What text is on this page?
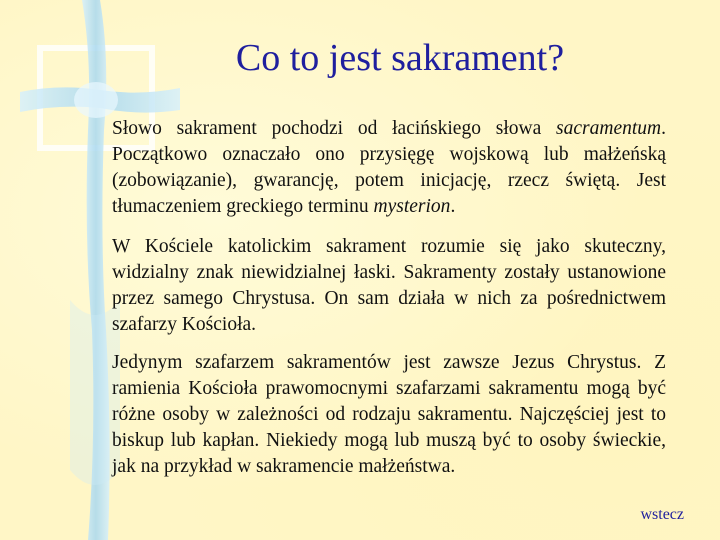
Co to jest sakrament?
Słowo sakrament pochodzi od łacińskiego słowa sacramentum. Początkowo oznaczało ono przysięgę wojskową lub małżeńską (zobowiązanie), gwarancję, potem inicjację, rzecz świętą. Jest tłumaczeniem greckiego terminu mysterion.
W Kościele katolickim sakrament rozumie się jako skuteczny, widzialny znak niewidzialnej łaski. Sakramenty zostały ustanowione przez samego Chrystusa. On sam działa w nich za pośrednictwem szafarzy Kościoła.
Jedynym szafarzem sakramentów jest zawsze Jezus Chrystus. Z ramienia Kościoła prawomocnymi szafarzami sakramentu mogą być różne osoby w zależności od rodzaju sakramentu. Najczęściej jest to biskup lub kapłan. Niekiedy mogą lub muszą być to osoby świeckie, jak na przykład w sakramencie małżeństwa.
wstecz
